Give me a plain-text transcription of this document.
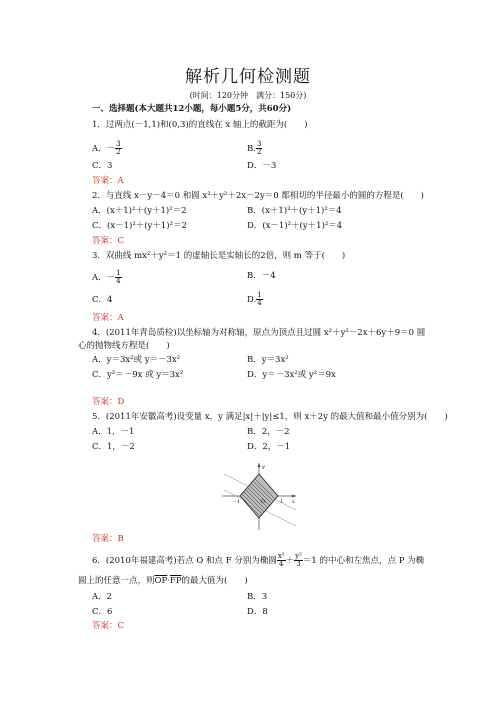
解析几何检测题
(时间：120分钟　满分：150分)
一、选择题(本大题共12小题，每小题5分，共60分)
1．过两点(－1,1)和(0,3)的直线在 x 轴上的截距为(　　)
A．－ $\frac{3}{2}$	B. $\frac{3}{2}$
C．3	D．－3
答案：A
2．与直线 x－y－4＝0 和圆 x²＋y²＋2x－2y＝0 都相切的半径最小的圆的方程是(　　)
A．(x＋1)²＋(y＋1)²＝2	B．(x＋1)²＋(y＋1)²＝4
C．(x－1)²＋(y＋1)²＝2	D．(x－1)²＋(y＋1)²＝4
答案：C
3．双曲线 mx²＋y²＝1 的虚轴长是实轴长的2倍，则 m 等于(　　)
A．－ $\frac{1}{4}$	B．－4
C．4	D. $\frac{1}{4}$
答案：A
4．(2011年青岛质检)以坐标轴为对称轴，原点为顶点且过圆 x²＋y²－2x＋6y＋9＝0 圆
心的抛物线方程是(　　)
A．y＝3x²或 y＝－3x²	B．y＝3x²
C．y²＝－9x 或 y＝3x²	D．y＝－3x²或 y²＝9x
答案：D
5．(2011年安徽高考)设变量 x，y 满足|x|＋|y|≤1，则 x＋2y 的最大值和最小值分别为(　　)
A．1，－1	B．2，－2
C．1，－2	D．2，－1
y
x
－1	O	1
答案：B
6．(2010年福建高考)若点 O 和点 F 分别为椭圆 $\frac{\text{x²}}{4} + \frac{\text{y²}}{3} =1$ 的中心和左焦点，点 P 为椭
圆上的任意一点，则$\overline{OP}\cdot\overline{FP}$的最大值为(　　)
A．2	B．3
C．6	D．8
答案：C
